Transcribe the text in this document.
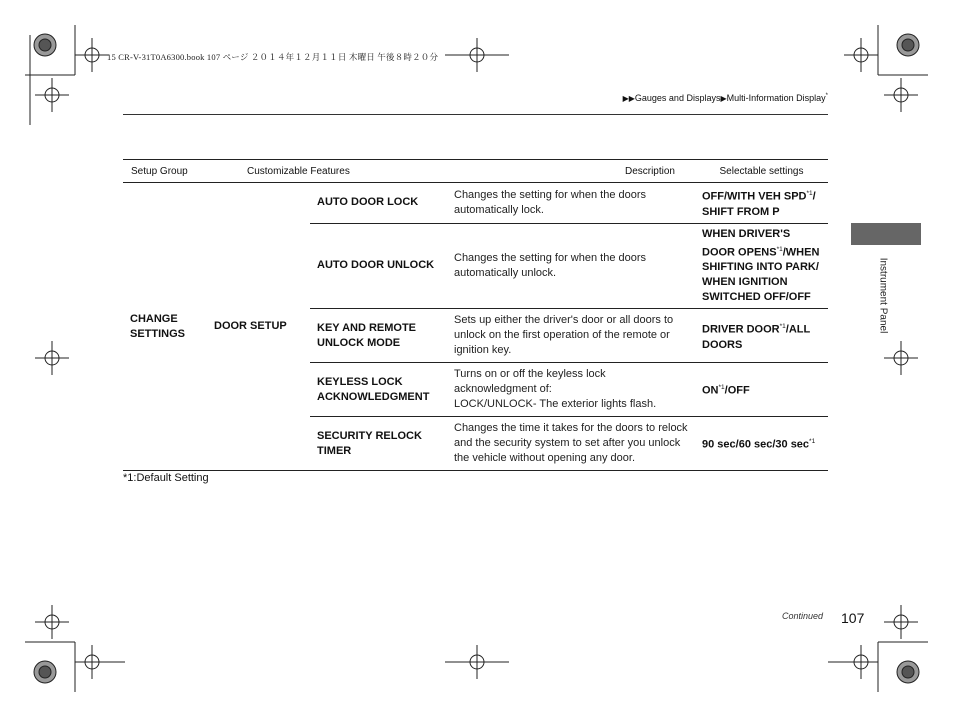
15 CR-V-31T0A6300.book 107 ページ ２０１４年１２月１１日 木曜日 午後８時２０分
▶▶Gauges and Displays▶Multi-Information Display*
Setup Group	Customizable Features		Description	Selectable settings
CHANGE SETTINGS	DOOR SETUP	AUTO DOOR LOCK	Changes the setting for when the doors automatically lock.	OFF/WITH VEH SPD$^{*1}$/ SHIFT FROM P
		AUTO DOOR UNLOCK	Changes the setting for when the doors automatically unlock.	WHEN DRIVER'S DOOR OPENS$^{*1}$/WHEN SHIFTING INTO PARK/ WHEN IGNITION SWITCHED OFF/OFF
		KEY AND REMOTE UNLOCK MODE	Sets up either the driver's door or all doors to unlock on the first operation of the remote or ignition key.	DRIVER DOOR$^{*1}$/ALL DOORS
		KEYLESS LOCK ACKNOWLEDGMENT	Turns on or off the keyless lock acknowledgment of:
LOCK/UNLOCK- The exterior lights flash.	ON$^{*1}$/OFF
		SECURITY RELOCK TIMER	Changes the time it takes for the doors to relock and the security system to set after you unlock the vehicle without opening any door.	90 sec/60 sec/30 sec$^{*1}$
*1:Default Setting
Instrument Panel
Continued 107
